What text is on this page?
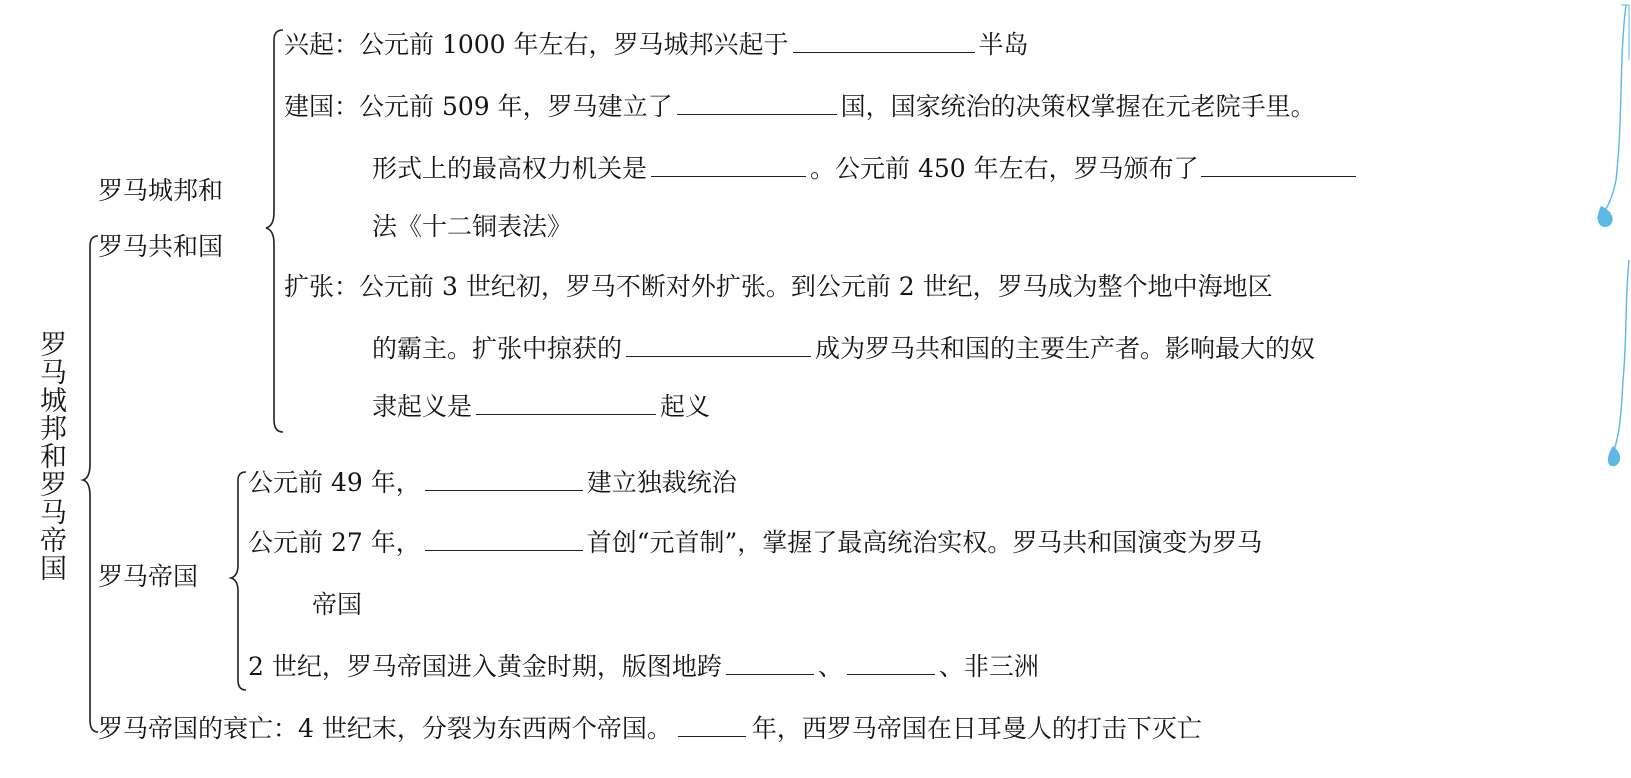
罗马城邦和罗马帝国
罗马城邦和
罗马共和国
兴起：公元前 1000 年左右，罗马城邦兴起于	半岛
建国：公元前 509 年，罗马建立了	国，国家统治的决策权掌握在元老院手里。
形式上的最高权力机关是	。公元前 450 年左右，罗马颁布了
法《十二铜表法》
扩张：公元前 3 世纪初，罗马不断对外扩张。到公元前 2 世纪，罗马成为整个地中海地区
的霸主。扩张中掠获的	成为罗马共和国的主要生产者。影响最大的奴
隶起义是	起义
罗马帝国
公元前 49 年，	建立独裁统治
公元前 27 年，	首创“元首制”，掌握了最高统治实权。罗马共和国演变为罗马
帝国
2 世纪，罗马帝国进入黄金时期，版图地跨	、	、非三洲
罗马帝国的衰亡：4 世纪末，分裂为东西两个帝国。	年，西罗马帝国在日耳曼人的打击下灭亡
